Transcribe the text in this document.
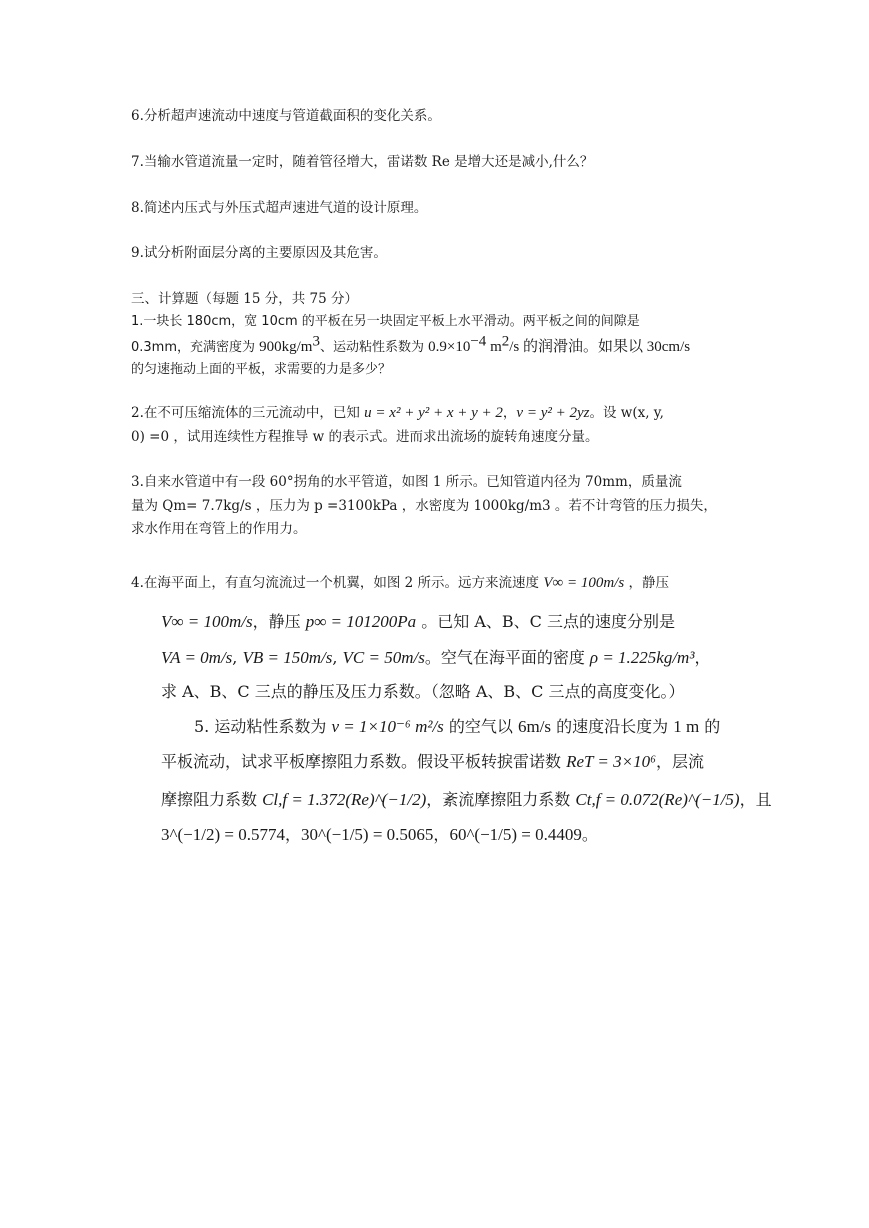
6.分析超声速流动中速度与管道截面积的变化关系。
7.当输水管道流量一定时，随着管径增大，雷诺数 Re 是增大还是减小,什么？
8.简述内压式与外压式超声速进气道的设计原理。
9.试分析附面层分离的主要原因及其危害。
三、计算题（每题 15 分，共 75 分）
1.一块长 180cm，宽 10cm 的平板在另一块固定平板上水平滑动。两平板之间的间隙是
0.3mm，充满密度为 $900kg/m^3$、运动粘性系数为 $0.9\times 10^{-4}$ $m^2/s$ 的润滑油。如果以 30cm/s
的匀速拖动上面的平板，求需要的力是多少？
2.在不可压缩流体的三元流动中，已知 u = x² + y² + x + y + 2，v = y² + 2yz。设 w(x, y,
0) =0 ，试用连续性方程推导 w 的表示式。进而求出流场的旋转角速度分量。
3.自来水管道中有一段 60°拐角的水平管道，如图 1 所示。已知管道内径为 70mm，质量流
量为 Qm= 7.7kg/s ，压力为 p =3100kPa ，水密度为 1000kg/m3 。若不计弯管的压力损失，
求水作用在弯管上的作用力。
4.在海平面上，有直匀流流过一个机翼，如图 2 所示。远方来流速度 V∞ = 100m/s ，静压
V∞ = 100m/s，静压 p∞ = 101200Pa 。已知 A、B、C 三点的速度分别是
VA = 0m/s, VB = 150m/s, VC = 50m/s。空气在海平面的密度 ρ = 1.225kg/m³，
求 A、B、C 三点的静压及压力系数。（忽略 A、B、C 三点的高度变化。）
5. 运动粘性系数为 ν = 1×10⁻⁶ m²/s 的空气以 6m/s 的速度沿长度为 1 m 的
平板流动，试求平板摩擦阻力系数。假设平板转捩雷诺数 ReT = 3×10⁶，层流
摩擦阻力系数 Cl,f = 1.372(Re)^(−1/2)，紊流摩擦阻力系数 Ct,f = 0.072(Re)^(−1/5)，且
3^(−1/2) = 0.5774，30^(−1/5) = 0.5065，60^(−1/5) = 0.4409。
